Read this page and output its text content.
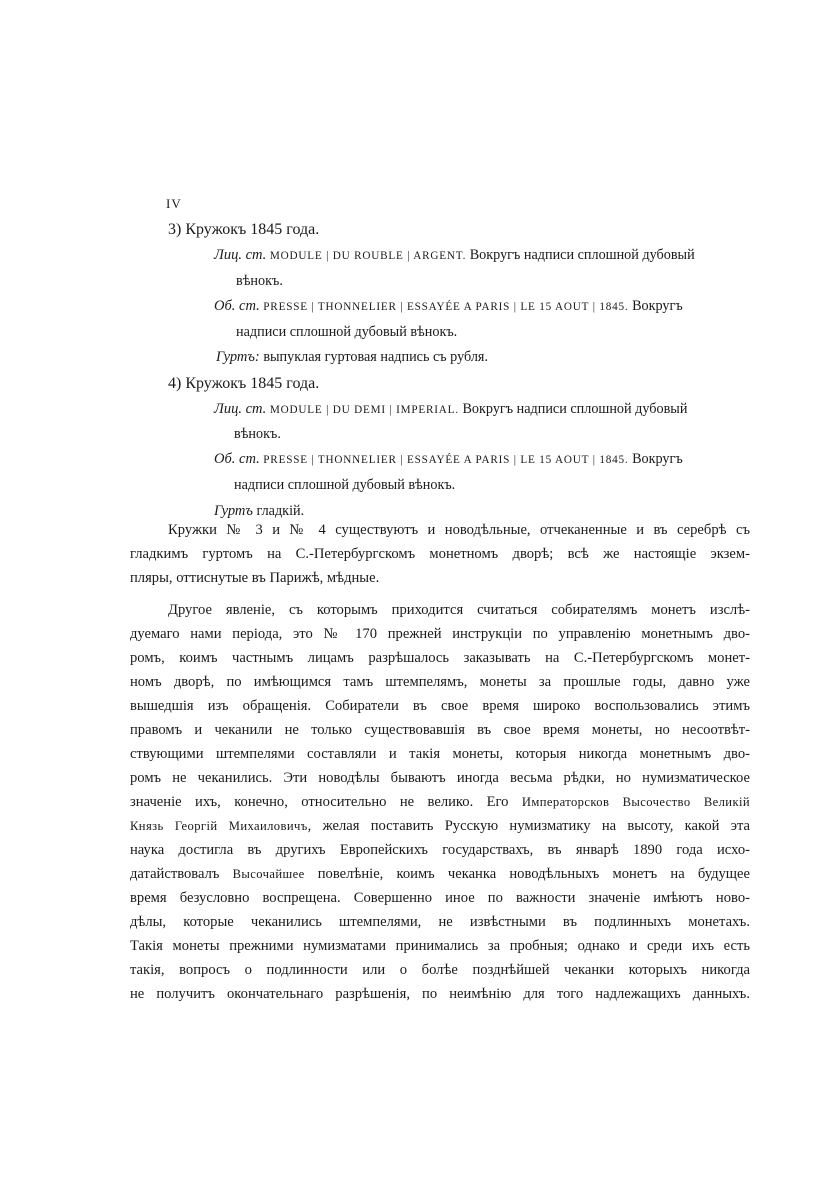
IV
3) Кружокъ 1845 года.
Лиц. ст. MODULE | DU ROUBLE | ARGENT. Вокругъ надписи сплошной дубовый
вѣнокъ.
Об. ст. PRESSE | THONNELIER | ESSAYÉE A PARIS | LE 15 AOUT | 1845. Вокругъ
надписи сплошной дубовый вѣнокъ.
Гуртъ: выпуклая гуртовая надпись съ рубля.
4) Кружокъ 1845 года.
Лиц. ст. MODULE | DU DEMI | IMPERIAL. Вокругъ надписи сплошной дубовый
вѣнокъ.
Об. ст. PRESSE | THONNELIER | ESSAYÉE A PARIS | LE 15 AOUT | 1845. Вокругъ
надписи сплошной дубовый вѣнокъ.
Гуртъ гладкій.
Кружки № 3 и № 4 существуютъ и новодѣльные, отчеканенные и въ серебрѣ съ
гладкимъ гуртомъ на С.-Петербургскомъ монетномъ дворѣ; всѣ же настоящіе экзем-
пляры, оттиснутые въ Парижѣ, мѣдные.
Другое явленіе, съ которымъ приходится считаться собирателямъ монетъ изслѣ-
дуемаго нами періода, это № 170 прежней инструкціи по управленію монетнымъ дво-
ромъ, коимъ частнымъ лицамъ разрѣшалось заказывать на С.-Петербургскомъ монет-
номъ дворѣ, по имѣющимся тамъ штемпелямъ, монеты за прошлые годы, давно уже
вышедшія изъ обращенія. Собиратели въ свое время широко воспользовались этимъ
правомъ и чеканили не только существовавшія въ свое время монеты, но несоотвѣт-
ствующими штемпелями составляли и такія монеты, которыя никогда монетнымъ дво-
ромъ не чеканились. Эти новодѣлы бываютъ иногда весьма рѣдки, но нумизматическое
значеніе ихъ, конечно, относительно не велико. Его Императорсков Высочество Великій
Князь Георгій Михаиловичъ, желая поставить Русскую нумизматику на высоту, какой эта
наука достигла въ другихъ Европейскихъ государствахъ, въ январѣ 1890 года исхо-
датайствовалъ Высочайшее повелѣніе, коимъ чеканка новодѣльныхъ монетъ на будущее
время безусловно воспрещена. Совершенно иное по важности значеніе имѣютъ ново-
дѣлы, которые чеканились штемпелями, не извѣстными въ подлинныхъ монетахъ.
Такія монеты прежними нумизматами принимались за пробныя; однако и среди ихъ есть
такія, вопросъ о подлинности или о болѣе позднѣйшей чеканки которыхъ никогда
не получитъ окончательнаго разрѣшенія, по неимѣнію для того надлежащихъ данныхъ.
